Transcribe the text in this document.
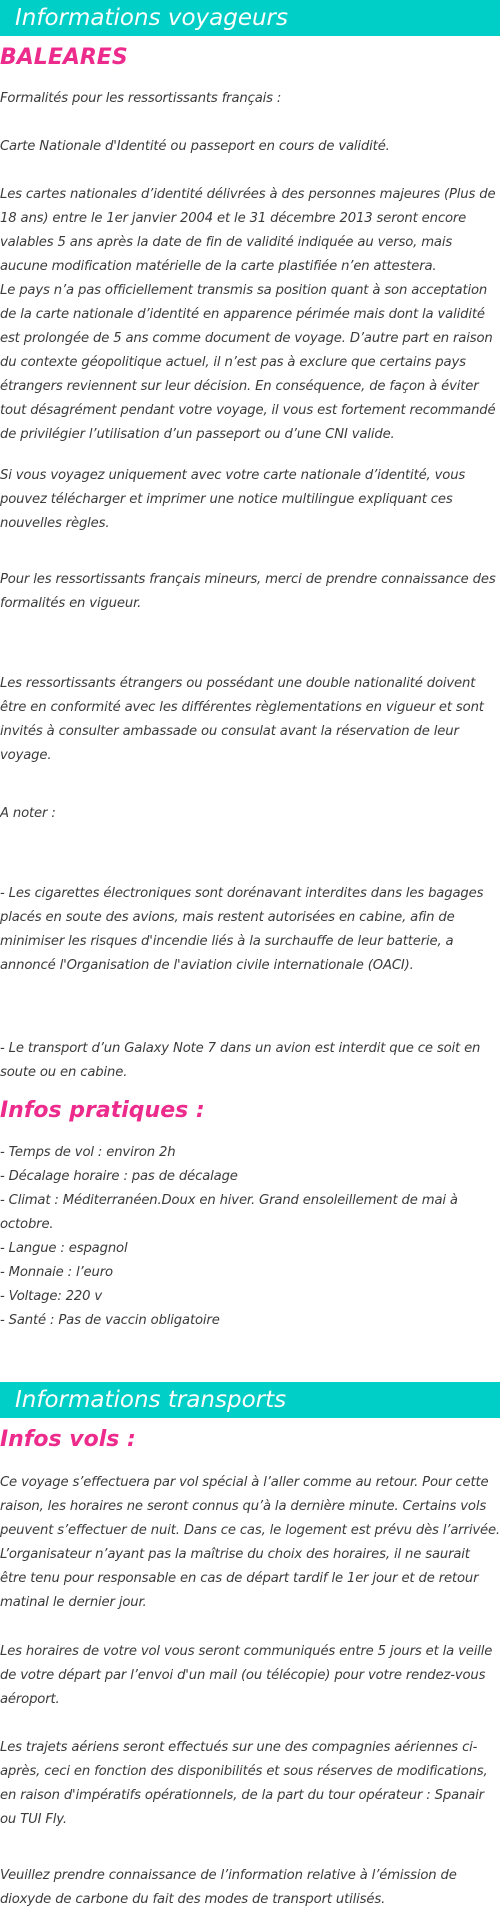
Informations voyageurs
BALEARES

Formalités pour les ressortissants français :

Carte Nationale d'Identité ou passeport en cours de validité.

Les cartes nationales d’identité délivrées à des personnes majeures (Plus de 18 ans) entre le 1er janvier 2004 et le 31 décembre 2013 seront encore valables 5 ans après la date de fin de validité indiquée au verso, mais aucune modification matérielle de la carte plastifiée n’en attestera.

Le pays n’a pas officiellement transmis sa position quant à son acceptation de la carte nationale d’identité en apparence périmée mais dont la validité est prolongée de 5 ans comme document de voyage. D’autre part en raison du contexte géopolitique actuel, il n’est pas à exclure que certains pays étrangers reviennent sur leur décision. En conséquence, de façon à éviter tout désagrément pendant votre voyage, il vous est fortement recommandé de privilégier l’utilisation d’un passeport ou d’une CNI valide.

Si vous voyagez uniquement avec votre carte nationale d’identité, vous pouvez télécharger et imprimer une notice multilingue expliquant ces nouvelles règles.

Pour les ressortissants français mineurs, merci de prendre connaissance des formalités en vigueur.

Les ressortissants étrangers ou possédant une double nationalité doivent être en conformité avec les différentes règlementations en vigueur et sont invités à consulter ambassade ou consulat avant la réservation de leur voyage.

A noter :

- Les cigarettes électroniques sont dorénavant interdites dans les bagages placés en soute des avions, mais restent autorisées en cabine, afin de minimiser les risques d'incendie liés à la surchauffe de leur batterie, a annoncé l'Organisation de l'aviation civile internationale (OACI).

- Le transport d’un Galaxy Note 7 dans un avion est interdit que ce soit en soute ou en cabine.

Infos pratiques :
- Temps de vol : environ 2h
- Décalage horaire : pas de décalage
- Climat : Méditerranéen.Doux en hiver. Grand ensoleillement de mai à octobre.
- Langue : espagnol
- Monnaie : l’euro
- Voltage: 220 v
- Santé : Pas de vaccin obligatoire
Informations transports
Infos vols :

Ce voyage s’effectuera par vol spécial à l’aller comme au retour. Pour cette raison, les horaires ne seront connus qu’à la dernière minute. Certains vols peuvent s’effectuer de nuit. Dans ce cas, le logement est prévu dès l’arrivée. L’organisateur n’ayant pas la maîtrise du choix des horaires, il ne saurait être tenu pour responsable en cas de départ tardif le 1er jour et de retour matinal le dernier jour.

Les horaires de votre vol vous seront communiqués entre 5 jours et la veille de votre départ par l’envoi d'un mail (ou télécopie) pour votre rendez-vous aéroport.

Les trajets aériens seront effectués sur une des compagnies aériennes ci-après, ceci en fonction des disponibilités et sous réserves de modifications, en raison d'impératifs opérationnels, de la part du tour opérateur : Spanair ou TUI Fly.

Veuillez prendre connaissance de l’information relative à l’émission de dioxyde de carbone du fait des modes de transport utilisés.
